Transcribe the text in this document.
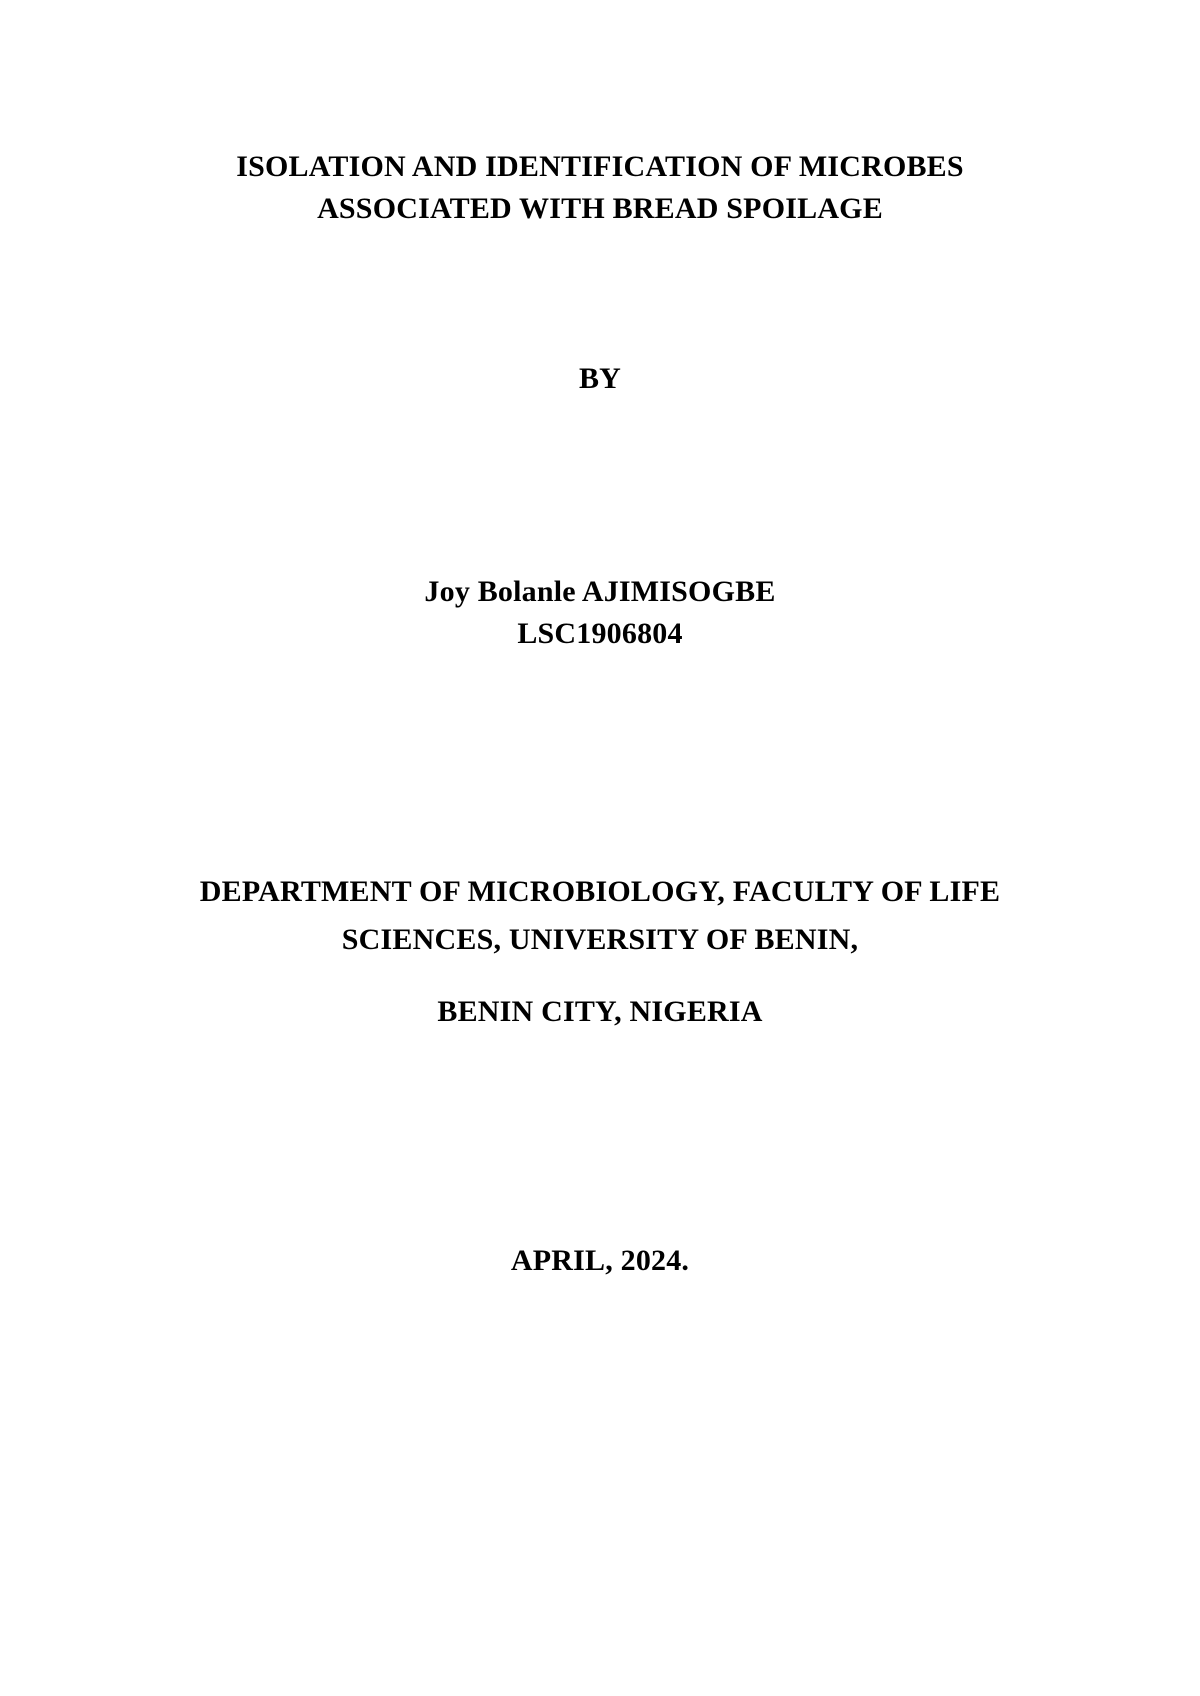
ISOLATION AND IDENTIFICATION OF MICROBES
ASSOCIATED WITH BREAD SPOILAGE
BY
Joy Bolanle AJIMISOGBE
LSC1906804
DEPARTMENT OF MICROBIOLOGY, FACULTY OF LIFE
SCIENCES, UNIVERSITY OF BENIN,
BENIN CITY, NIGERIA
APRIL, 2024.
